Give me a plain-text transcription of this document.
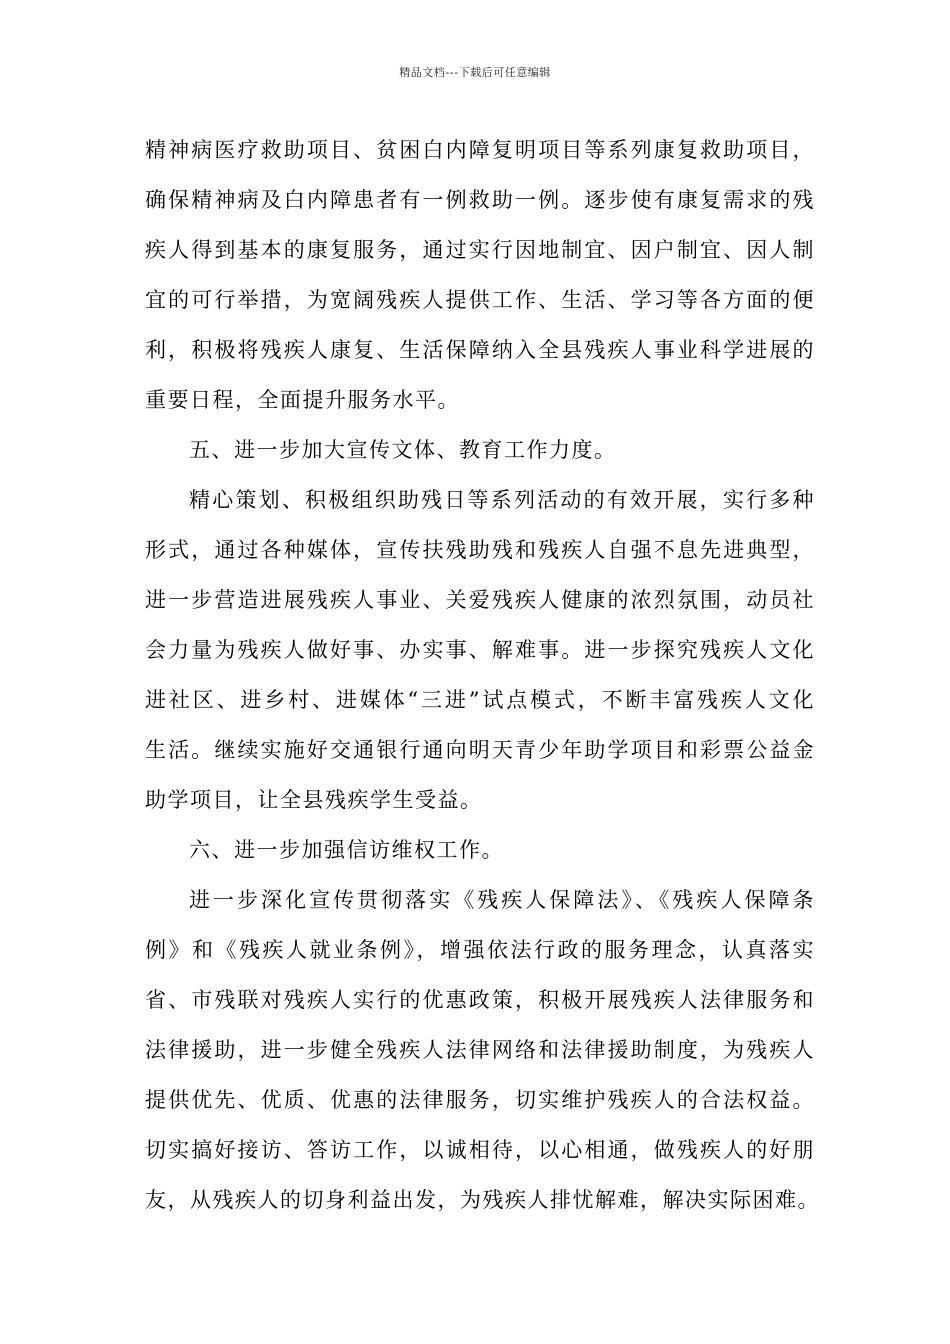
精品文档---下载后可任意编辑
精神病医疗救助项目、贫困白内障复明项目等系列康复救助项目，
确保精神病及白内障患者有一例救助一例。逐步使有康复需求的残
疾人得到基本的康复服务，通过实行因地制宜、因户制宜、因人制
宜的可行举措，为宽阔残疾人提供工作、生活、学习等各方面的便
利，积极将残疾人康复、生活保障纳入全县残疾人事业科学进展的
重要日程，全面提升服务水平。
五、进一步加大宣传文体、教育工作力度。
精心策划、积极组织助残日等系列活动的有效开展，实行多种
形式，通过各种媒体，宣传扶残助残和残疾人自强不息先进典型，
进一步营造进展残疾人事业、关爱残疾人健康的浓烈氛围，动员社
会力量为残疾人做好事、办实事、解难事。进一步探究残疾人文化
进社区、进乡村、进媒体“三进”试点模式，不断丰富残疾人文化
生活。继续实施好交通银行通向明天青少年助学项目和彩票公益金
助学项目，让全县残疾学生受益。
六、进一步加强信访维权工作。
进一步深化宣传贯彻落实《残疾人保障法》、《残疾人保障条
例》和《残疾人就业条例》，增强依法行政的服务理念，认真落实
省、市残联对残疾人实行的优惠政策，积极开展残疾人法律服务和
法律援助，进一步健全残疾人法律网络和法律援助制度，为残疾人
提供优先、优质、优惠的法律服务，切实维护残疾人的合法权益。
切实搞好接访、答访工作，以诚相待，以心相通，做残疾人的好朋
友，从残疾人的切身利益出发，为残疾人排忧解难，解决实际困难。
